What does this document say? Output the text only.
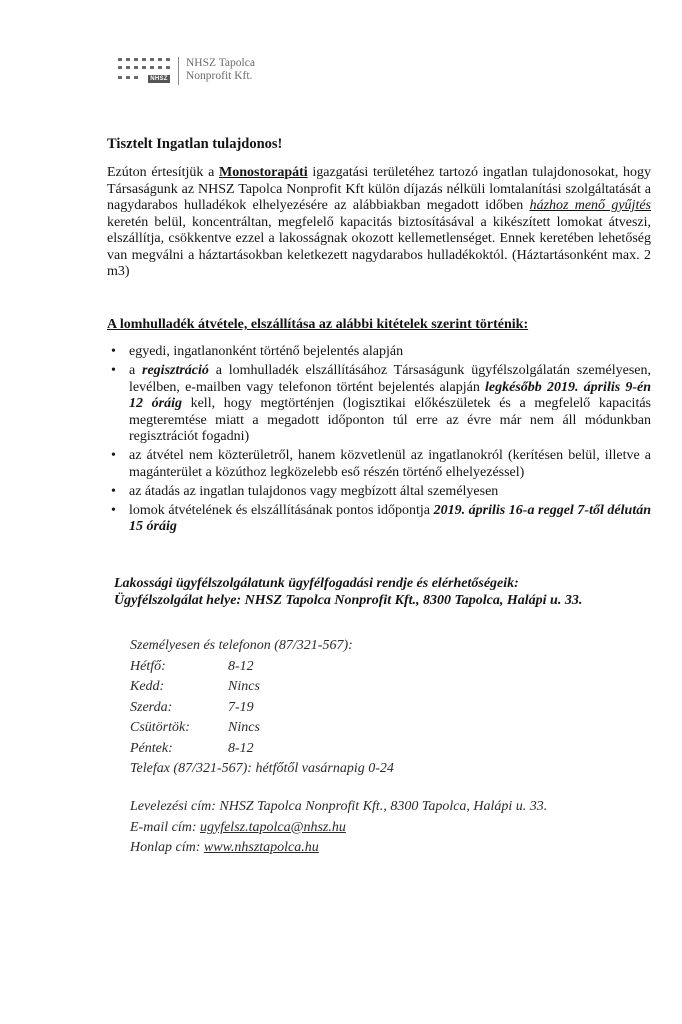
NHSZ
NHSZ Tapolca
Nonprofit Kft.
Tisztelt Ingatlan tulajdonos!
Ezúton értesítjük a Monostorapáti igazgatási területéhez tartozó ingatlan tulajdonosokat, hogy Társaságunk az NHSZ Tapolca Nonprofit Kft külön díjazás nélküli lomtalanítási szolgáltatását a nagydarabos hulladékok elhelyezésére az alábbiakban megadott időben házhoz menő gyűjtés keretén belül, koncentráltan, megfelelő kapacitás biztosításával a kikészített lomokat átveszi, elszállítja, csökkentve ezzel a lakosságnak okozott kellemetlenséget. Ennek keretében lehetőség van megválni a háztartásokban keletkezett nagydarabos hulladékoktól. (Háztartásonként max. 2 m3)
A lomhulladék átvétele, elszállítása az alábbi kitételek szerint történik:
• egyedi, ingatlanonként történő bejelentés alapján
• a regisztráció a lomhulladék elszállításához Társaságunk ügyfélszolgálatán személyesen, levélben, e-mailben vagy telefonon történt bejelentés alapján legkésőbb 2019. április 9-én 12 óráig kell, hogy megtörténjen (logisztikai előkészületek és a megfelelő kapacitás megteremtése miatt a megadott időponton túl erre az évre már nem áll módunkban regisztrációt fogadni)
• az átvétel nem közterületről, hanem közvetlenül az ingatlanokról (kerítésen belül, illetve a magánterület a közúthoz legközelebb eső részén történő elhelyezéssel)
• az átadás az ingatlan tulajdonos vagy megbízott által személyesen
• lomok átvételének és elszállításának pontos időpontja 2019. április 16-a reggel 7-től délután 15 óráig
Lakossági ügyfélszolgálatunk ügyfélfogadási rendje és elérhetőségeik:
Ügyfélszolgálat helye: NHSZ Tapolca Nonprofit Kft., 8300 Tapolca, Halápi u. 33.
Személyesen és telefonon (87/321-567):
Hétfő:	8-12
Kedd:	Nincs
Szerda:	7-19
Csütörtök:	Nincs
Péntek:	8-12
Telefax (87/321-567): hétfőtől vasárnapig 0-24
Levelezési cím: NHSZ Tapolca Nonprofit Kft., 8300 Tapolca, Halápi u. 33.
E-mail cím: ugyfelsz.tapolca@nhsz.hu
Honlap cím: www.nhsztapolca.hu
